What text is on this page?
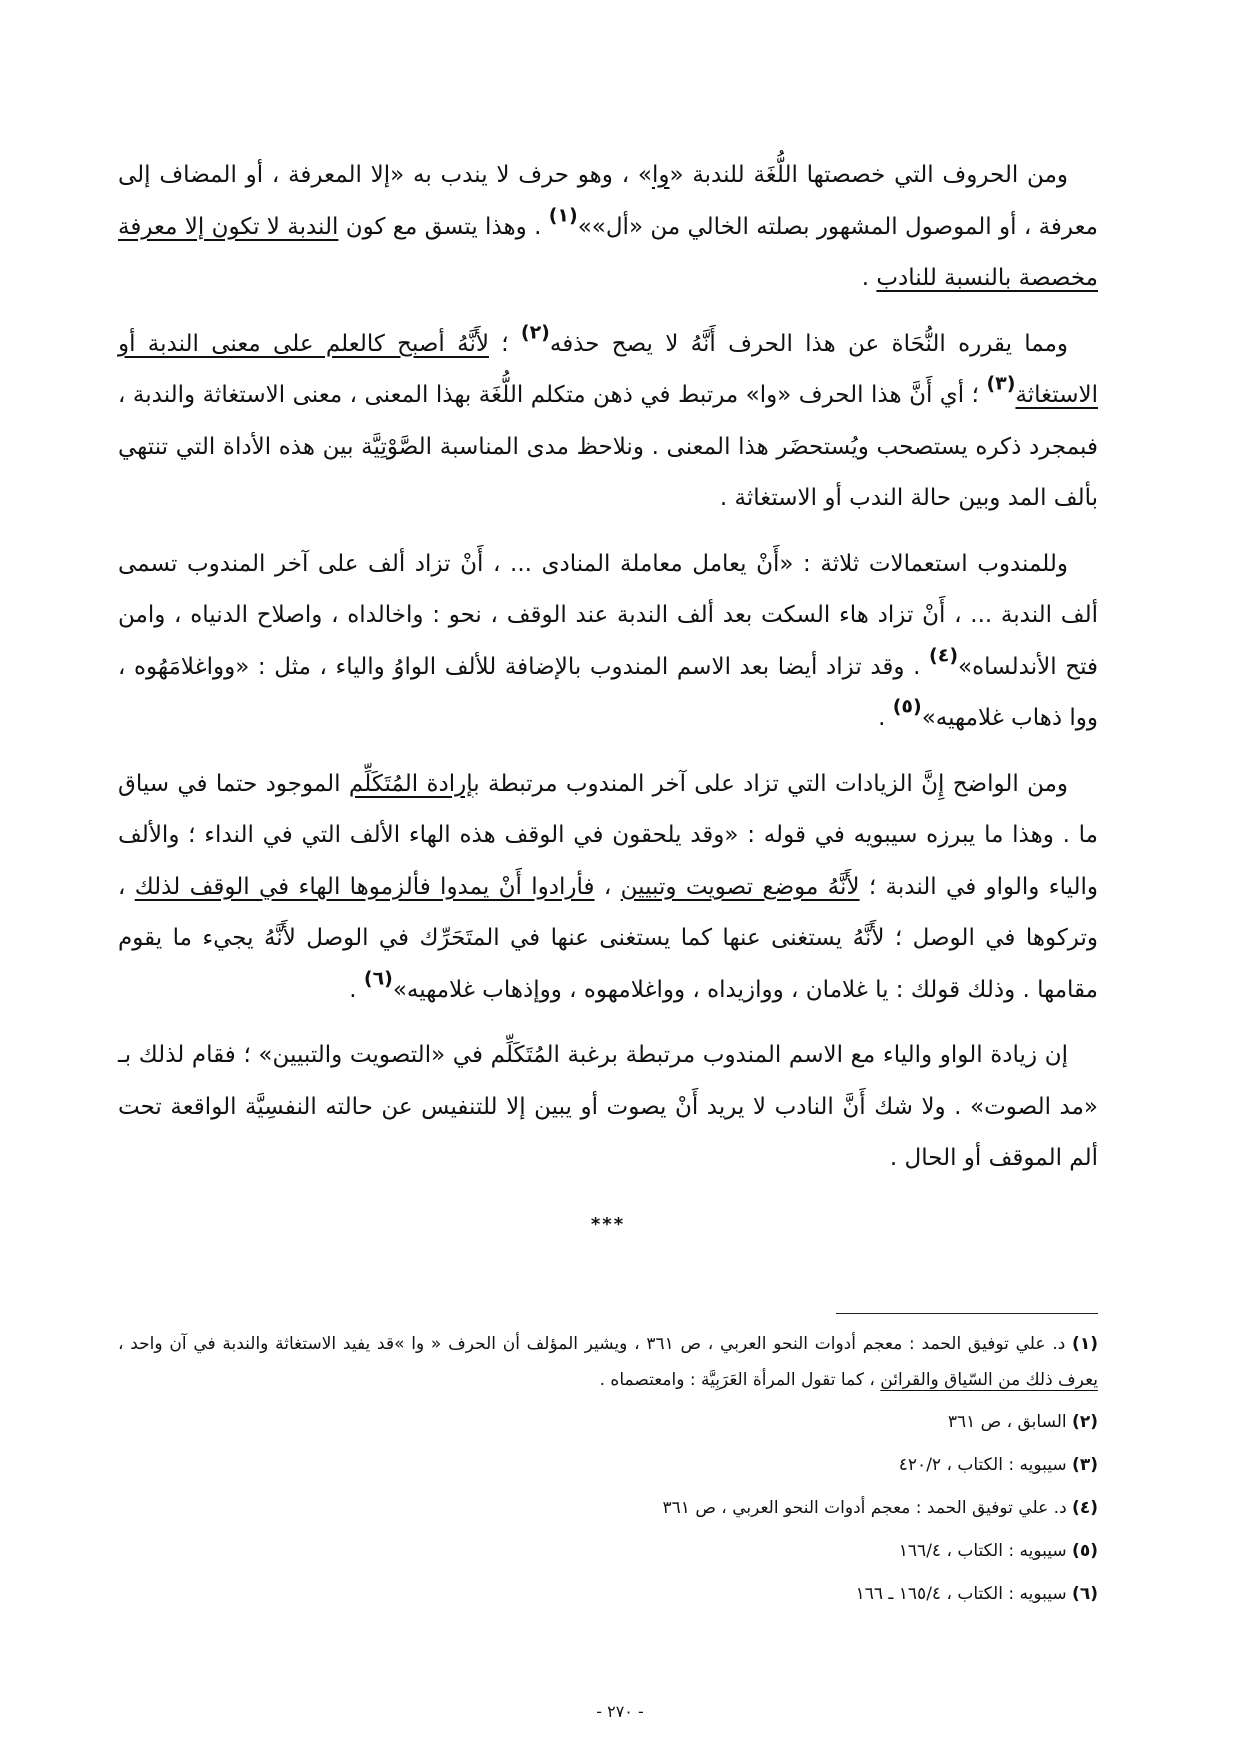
ومن الحروف التي خصصتها اللُّغَة للندبة «وا» ، وهو حرف لا يندب به «إلا المعرفة ، أو المضاف إلى معرفة ، أو الموصول المشهور بصلته الخالي من «أل»»$^{(١)}$ . وهذا يتسق مع كون الندبة لا تكون إلا معرفة مخصصة بالنسبة للنادب .

ومما يقرره النُّحَاة عن هذا الحرف أَنَّهُ لا يصح حذفه$^{(٢)}$ ؛ لأَنَّهُ أصبح كالعلم على معنى الندبة أو الاستغاثة$^{(٣)}$ ؛ أي أَنَّ هذا الحرف «وا» مرتبط في ذهن متكلم اللُّغَة بهذا المعنى ، معنى الاستغاثة والندبة ، فبمجرد ذكره يستصحب ويُستحضَر هذا المعنى . ونلاحظ مدى المناسبة الصَّوْتِيَّة بين هذه الأداة التي تنتهي بألف المد وبين حالة الندب أو الاستغاثة .

وللمندوب استعمالات ثلاثة : «أَنْ يعامل معاملة المنادى ... ، أَنْ تزاد ألف على آخر المندوب تسمى ألف الندبة ... ، أَنْ تزاد هاء السكت بعد ألف الندبة عند الوقف ، نحو : واخالداه ، واصلاح الدنياه ، وامن فتح الأندلساه»$^{(٤)}$ . وقد تزاد أيضا بعد الاسم المندوب بالإضافة للألف الواوُ والياء ، مثل : «وواغلامَهُوه ، ووا ذهاب غلامهيه»$^{(٥)}$ .

ومن الواضح إِنَّ الزيادات التي تزاد على آخر المندوب مرتبطة بإرادة المُتَكَلِّم الموجود حتما في سياق ما . وهذا ما يبرزه سيبويه في قوله : «وقد يلحقون في الوقف هذه الهاء الألف التي في النداء ؛ والألف والياء والواو في الندبة ؛ لأَنَّهُ موضع تصويت وتبيين ، فأرادوا أَنْ يمدوا فألزموها الهاء في الوقف لذلك ، وتركوها في الوصل ؛ لأَنَّهُ يستغنى عنها كما يستغنى عنها في المتَحَرِّك في الوصل لأَنَّهُ يجيء ما يقوم مقامها . وذلك قولك : يا غلامان ، ووازيداه ، وواغلامهوه ، ووإذهاب غلامهيه»$^{(٦)}$ .

إن زيادة الواو والياء مع الاسم المندوب مرتبطة برغبة المُتَكَلِّم في «التصويت والتبيين» ؛ فقام لذلك بـ «مد الصوت» . ولا شك أَنَّ النادب لا يريد أَنْ يصوت أو يبين إلا للتنفيس عن حالته النفسِيَّة الواقعة تحت ألم الموقف أو الحال .

***

(١) د. علي توفيق الحمد : معجم أدوات النحو العربي ، ص ٣٦١ ، ويشير المؤلف أن الحرف « وا »قد يفيد الاستغاثة والندبة في آن واحد ، يعرف ذلك من السّياق والقرائن ، كما تقول المرأة العَرَبِيَّة : وامعتصماه .

(٢) السابق ، ص ٣٦١

(٣) سيبويه : الكتاب ، ٤٢٠/٢

(٤) د. علي توفيق الحمد : معجم أدوات النحو العربي ، ص ٣٦١

(٥) سيبويه : الكتاب ، ١٦٦/٤

(٦) سيبويه : الكتاب ، ١٦٥/٤ ـ ١٦٦

- ٢٧٠ -
